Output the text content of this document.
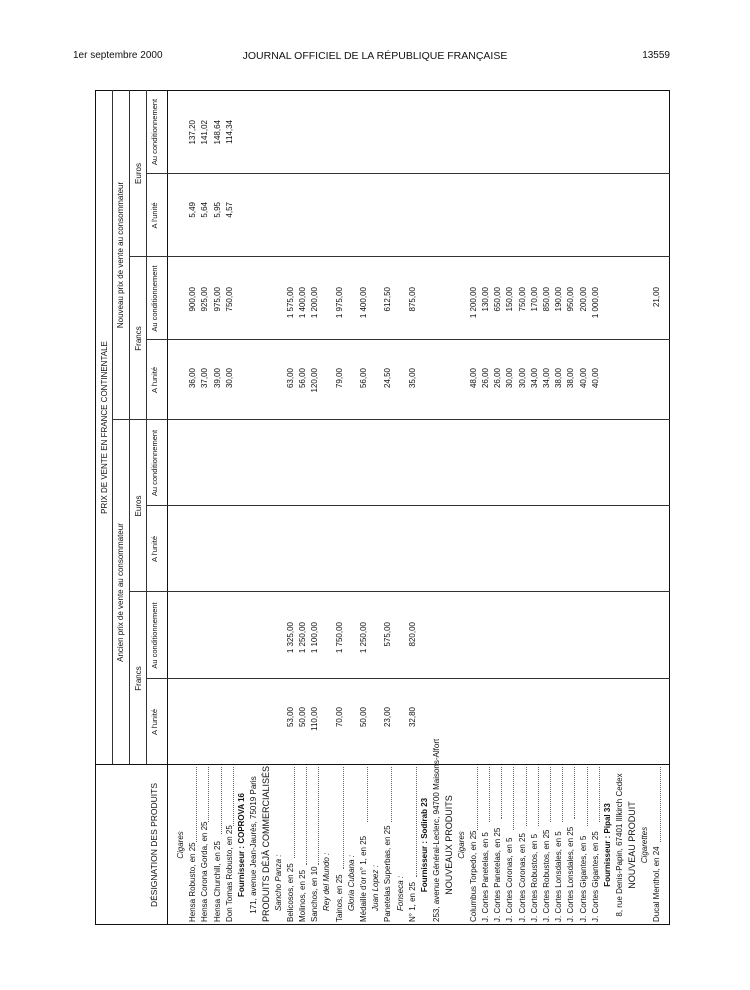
1er septembre 2000	JOURNAL OFFICIEL DE LA RÉPUBLIQUE FRANÇAISE	13559
DÉSIGNATION DES PRODUITS
PRIX DE VENTE EN FRANCE CONTINENTALE
Ancien prix de vente au consommateur
Nouveau prix de vente au consommateur
Francs
Euros
Francs
Euros
A l'unité
Au conditionnement
A l'unité
Au conditionnement
A l'unité
Au conditionnement
A l'unité
Au conditionnement
Cigares Hensa Robusto, en 25
36,00
900,00
5,49
137,20
Hensa Corona Gorda, en 25
37,00
925,00
5,64
141,02
Hensa Churchill, en 25
39,00
975,00
5,95
148,64
Don Tomas Robusto, en 25
30,00
750,00
4,57
114,34
Fournisseur : COPROVA 16 171, avenue Jean-Jaurès, 75019 Paris PRODUITS DÉJÀ COMMERCIALISÉS Sancho Panza : Belicosos, en 25
53,00
1 325,00
63,00
1 575,00
Molinos, en 25
50,00
1 250,00
56,00
1 400,00
Sanchos, en 10
110,00
1 100,00
120,00
1 200,00
Rey del Mundo : Tainos, en 25
70,00
1 750,00
79,00
1 975,00
Gloria Cubana : Médaille d'or n° 1, en 25
50,00
1 250,00
56,00
1 400,00
Juan Lopez : Panetelas Superbas, en 25
23,00
575,00
24,50
612,50
Fonseca : N° 1, en 25
32,80
820,00
35,00
875,00
Fournisseur : Sodirab 23 253, avenue Général-Leclerc, 94700 Maisons-Alfort NOUVEAUX PRODUITS Cigares Columbus Torpedo, en 25
48,00
1 200,00
J. Cortes Panetelas, en 5
26,00
130,00
J. Cortes Panetelas, en 25
26,00
650,00
J. Cortes Coronas, en 5
30,00
150,00
J. Cortes Coronas, en 25
30,00
750,00
J. Cortes Robustos, en 5
34,00
170,00
J. Cortes Robustos, en 25
34,00
850,00
J. Cortes Lonsdales, en 5
38,00
190,00
J. Cortes Lonsdales, en 25
38,00
950,00
J. Cortes Gigantes, en 5
40,00
200,00
J. Cortes Gigantes, en 25
40,00
1 000,00
Fournisseur : Pipal 33 8, rue Denis-Papin, 67401 Illkirch Cedex NOUVEAU PRODUIT Cigarettes
Ducal Menthol, en 24
21,00
